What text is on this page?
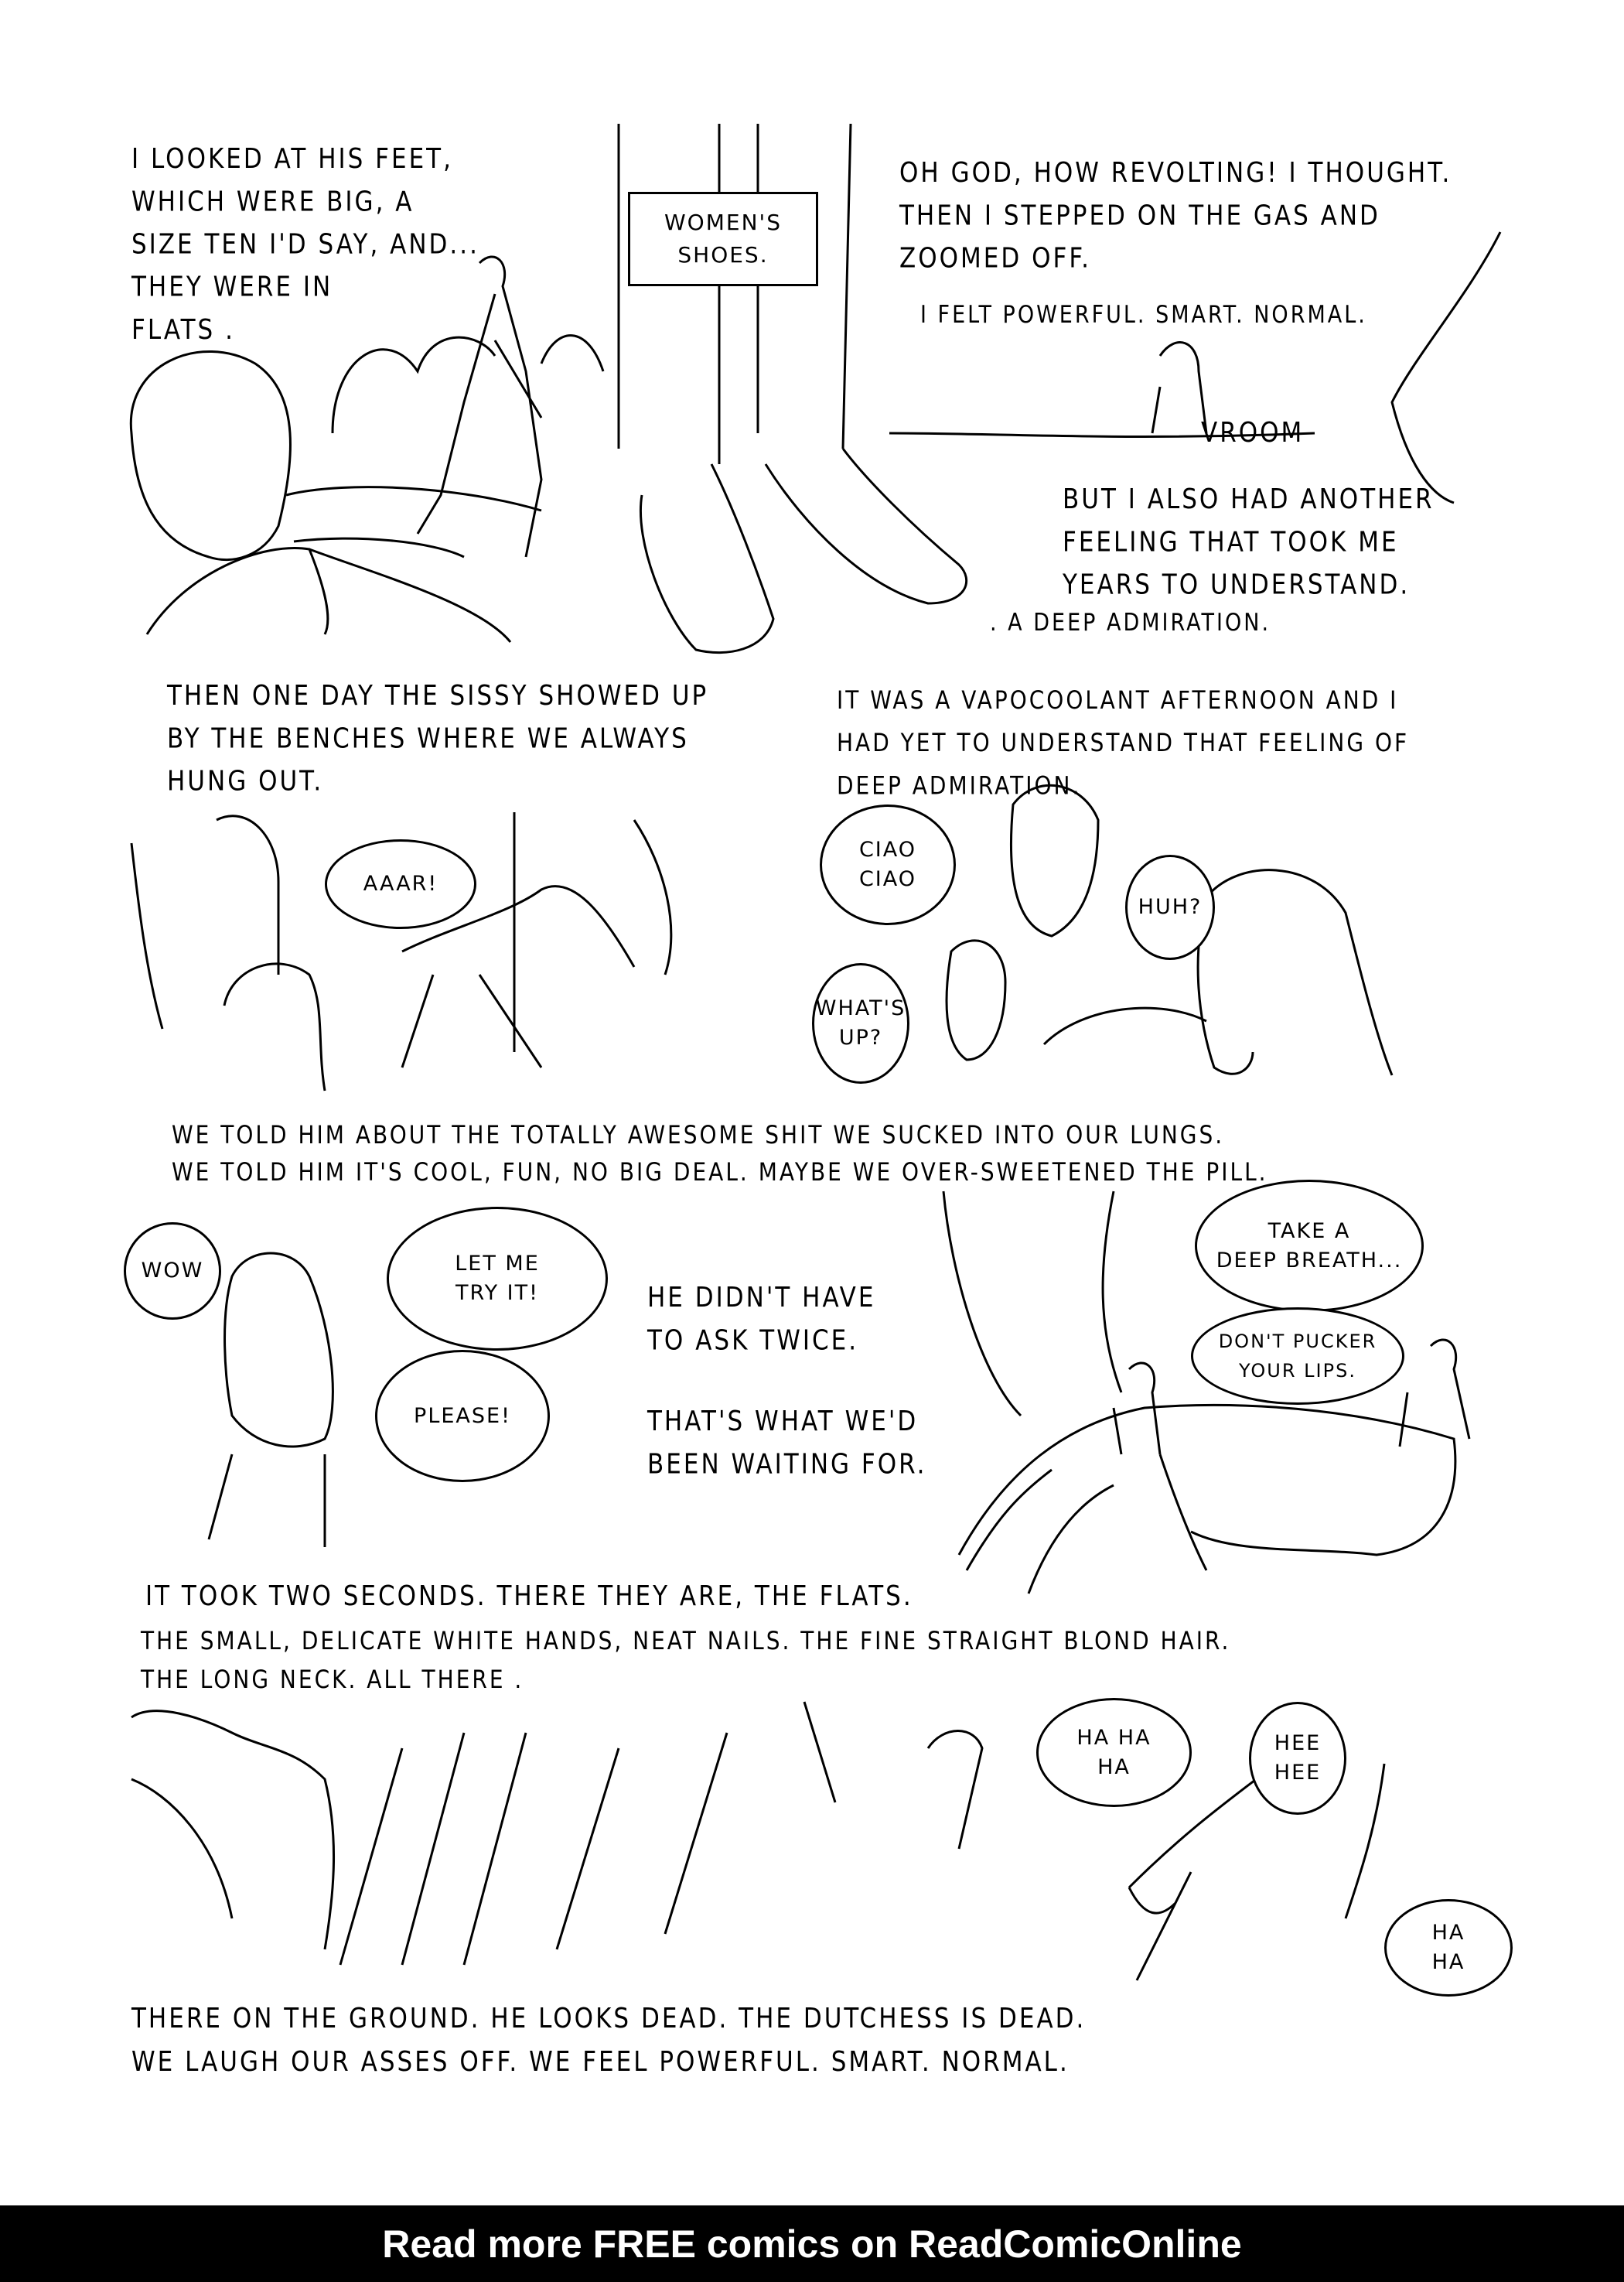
I LOOKED AT HIS FEET,
WHICH WERE BIG, A
SIZE TEN I'D SAY, AND...
THEY WERE IN
FLATS .
WOMEN'S
SHOES.
OH GOD, HOW REVOLTING! I THOUGHT.
THEN I STEPPED ON THE GAS AND
ZOOMED OFF.
I FELT POWERFUL. SMART. NORMAL.
VROOM
BUT I ALSO HAD ANOTHER
FEELING THAT TOOK ME
YEARS TO UNDERSTAND.
. A DEEP ADMIRATION.
THEN ONE DAY THE SISSY SHOWED UP
BY THE BENCHES WHERE WE ALWAYS
HUNG OUT.
IT WAS A VAPOCOOLANT AFTERNOON AND I
HAD YET TO UNDERSTAND THAT FEELING OF
DEEP ADMIRATION.
AAAR!
CIAO
CIAO
HUH?
WHAT'S
UP?
WE TOLD HIM ABOUT THE TOTALLY AWESOME SHIT WE SUCKED INTO OUR LUNGS.
WE TOLD HIM IT'S COOL, FUN, NO BIG DEAL. MAYBE WE OVER-SWEETENED THE PILL.
WOW	LET ME
TRY IT!
PLEASE!
HE DIDN'T HAVE
TO ASK TWICE.
THAT'S WHAT WE'D
BEEN WAITING FOR.
TAKE A
DEEP BREATH...
DON'T PUCKER
YOUR LIPS.
IT TOOK TWO SECONDS. THERE THEY ARE, THE FLATS.
THE SMALL, DELICATE WHITE HANDS, NEAT NAILS. THE FINE STRAIGHT BLOND HAIR.
THE LONG NECK. ALL THERE .
HA HA
HA
HEE
HEE
HA
HA
THERE ON THE GROUND. HE LOOKS DEAD. THE DUTCHESS IS DEAD.
WE LAUGH OUR ASSES OFF. WE FEEL POWERFUL. SMART. NORMAL.
Read more FREE comics on ReadComicOnline
